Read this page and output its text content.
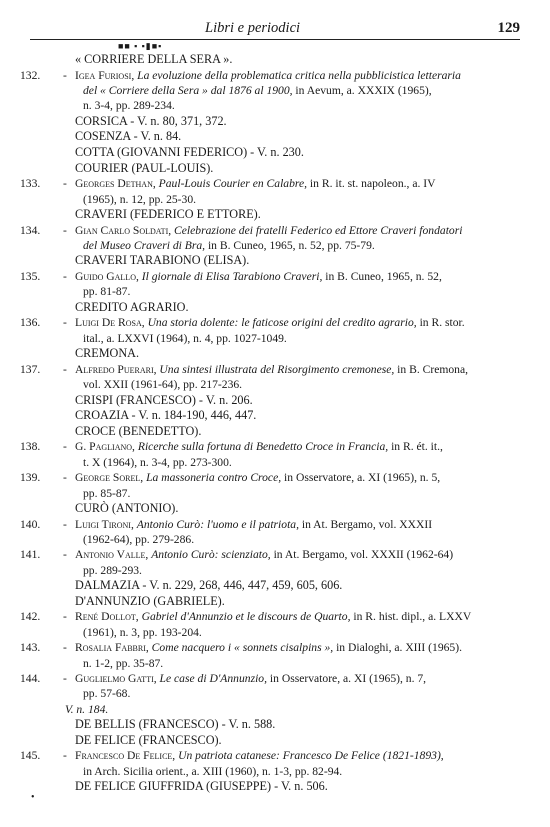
Libri e periodici	129
■■ ▪ ▪▮■▪
« CORRIERE DELLA SERA ».
132. - Igea Furiosi, La evoluzione della problematica critica nella pubblicistica letteraria
del « Corriere della Sera » dal 1876 al 1900, in Aevum, a. XXXIX (1965),
n. 3-4, pp. 289-234.
CORSICA - V. n. 80, 371, 372.
COSENZA - V. n. 84.
COTTA (GIOVANNI FEDERICO) - V. n. 230.
COURIER (PAUL-LOUIS).
133. - Georges Dethan, Paul-Louis Courier en Calabre, in R. it. st. napoleon., a. IV
(1965), n. 12, pp. 25-30.
CRAVERI (FEDERICO E ETTORE).
134. - Gian Carlo Soldati, Celebrazione dei fratelli Federico ed Ettore Craveri fondatori
del Museo Craveri di Bra, in B. Cuneo, 1965, n. 52, pp. 75-79.
CRAVERI TARABIONO (ELISA).
135. - Guido Gallo, Il giornale di Elisa Tarabiono Craveri, in B. Cuneo, 1965, n. 52,
pp. 81-87.
CREDITO AGRARIO.
136. - Luigi De Rosa, Una storia dolente: le faticose origini del credito agrario, in R. stor.
ital., a. LXXVI (1964), n. 4, pp. 1027-1049.
CREMONA.
137. - Alfredo Puerari, Una sintesi illustrata del Risorgimento cremonese, in B. Cremona,
vol. XXII (1961-64), pp. 217-236.
CRISPI (FRANCESCO) - V. n. 206.
CROAZIA - V. n. 184-190, 446, 447.
CROCE (BENEDETTO).
138. - G. Pagliano, Ricerche sulla fortuna di Benedetto Croce in Francia, in R. ét. it.,
t. X (1964), n. 3-4, pp. 273-300.
139. - George Sorel, La massoneria contro Croce, in Osservatore, a. XI (1965), n. 5,
pp. 85-87.
CURÒ (ANTONIO).
140. - Luigi Tironi, Antonio Curò: l'uomo e il patriota, in At. Bergamo, vol. XXXII
(1962-64), pp. 279-286.
141. - Antonio Valle, Antonio Curò: scienziato, in At. Bergamo, vol. XXXII (1962-64)
pp. 289-293.
DALMAZIA - V. n. 229, 268, 446, 447, 459, 605, 606.
D'ANNUNZIO (GABRIELE).
142. - René Dollot, Gabriel d'Annunzio et le discours de Quarto, in R. hist. dipl., a. LXXV
(1961), n. 3, pp. 193-204.
143. - Rosalia Fabbri, Come nacquero i « sonnets cisalpins », in Dialoghi, a. XIII (1965).
n. 1-2, pp. 35-87.
144. - Guglielmo Gatti, Le case di D'Annunzio, in Osservatore, a. XI (1965), n. 7,
pp. 57-68.
V. n. 184.
DE BELLIS (FRANCESCO) - V. n. 588.
DE FELICE (FRANCESCO).
145. - Francesco De Felice, Un patriota catanese: Francesco De Felice (1821-1893),
in Arch. Sicilia orient., a. XIII (1960), n. 1-3, pp. 82-94.
DE FELICE GIUFFRIDA (GIUSEPPE) - V. n. 506.
•
